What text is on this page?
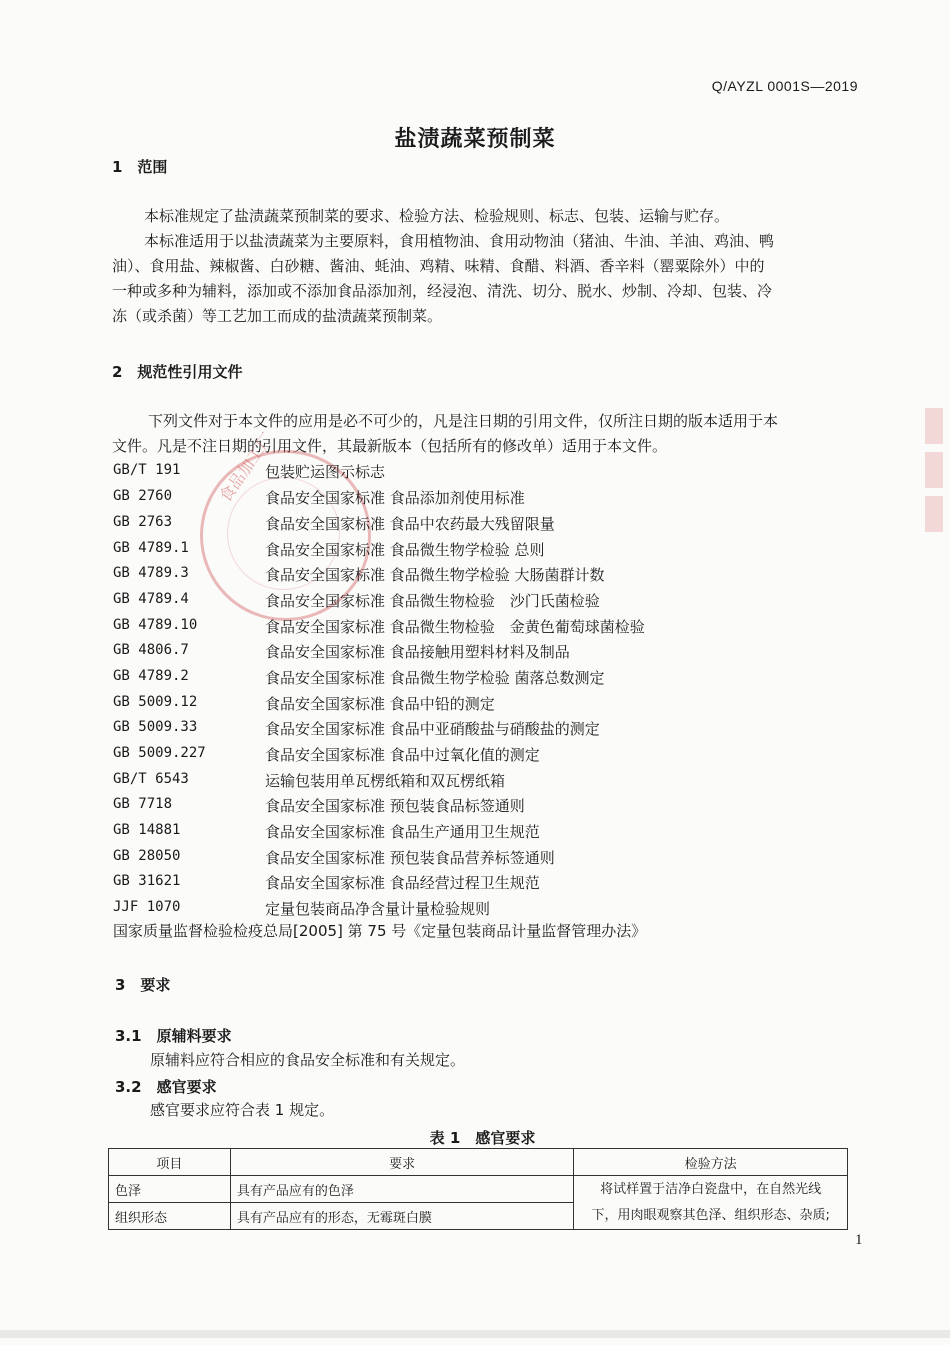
Q/AYZL 0001S—2019
盐渍蔬菜预制菜
1　范围

本标准规定了盐渍蔬菜预制菜的要求、检验方法、检验规则、标志、包装、运输与贮存。

本标准适用于以盐渍蔬菜为主要原料，食用植物油、食用动物油（猪油、牛油、羊油、鸡油、鸭

油）、食用盐、辣椒酱、白砂糖、酱油、蚝油、鸡精、味精、食醋、料酒、香辛料（罂粟除外）中的

一种或多种为辅料，添加或不添加食品添加剂，经浸泡、清洗、切分、脱水、炒制、冷却、包装、冷

冻（或杀菌）等工艺加工而成的盐渍蔬菜预制菜。

2　规范性引用文件

下列文件对于本文件的应用是必不可少的，凡是注日期的引用文件，仅所注日期的版本适用于本

文件。凡是不注日期的引用文件，其最新版本（包括所有的修改单）适用于本文件。

食品加工厂
GB/T 191	包装贮运图示标志
GB 2760	食品安全国家标准 食品添加剂使用标准
GB 2763	食品安全国家标准 食品中农药最大残留限量
GB 4789.1	食品安全国家标准 食品微生物学检验 总则
GB 4789.3	食品安全国家标准 食品微生物学检验 大肠菌群计数
GB 4789.4	食品安全国家标准 食品微生物检验　沙门氏菌检验
GB 4789.10	食品安全国家标准 食品微生物检验　金黄色葡萄球菌检验
GB 4806.7	食品安全国家标准 食品接触用塑料材料及制品
GB 4789.2	食品安全国家标准 食品微生物学检验 菌落总数测定
GB 5009.12	食品安全国家标准 食品中铅的测定
GB 5009.33	食品安全国家标准 食品中亚硝酸盐与硝酸盐的测定
GB 5009.227	食品安全国家标准 食品中过氧化值的测定
GB/T 6543	运输包装用单瓦楞纸箱和双瓦楞纸箱
GB 7718	食品安全国家标准 预包装食品标签通则
GB 14881	食品安全国家标准 食品生产通用卫生规范
GB 28050	食品安全国家标准 预包装食品营养标签通则
GB 31621	食品安全国家标准 食品经营过程卫生规范
JJF 1070	定量包装商品净含量计量检验规则
国家质量监督检验检疫总局[2005] 第 75 号《定量包装商品计量监督管理办法》
3　要求
3.1　原辅料要求
原辅料应符合相应的食品安全标准和有关规定。
3.2　感官要求
感官要求应符合表 1 规定。
表 1　感官要求
项目	要求	检验方法
色泽	具有产品应有的色泽	将试样置于洁净白瓷盘中，在自然光线
下，用肉眼观察其色泽、组织形态、杂质;

组织形态	具有产品应有的形态，无霉斑白膜	
1
